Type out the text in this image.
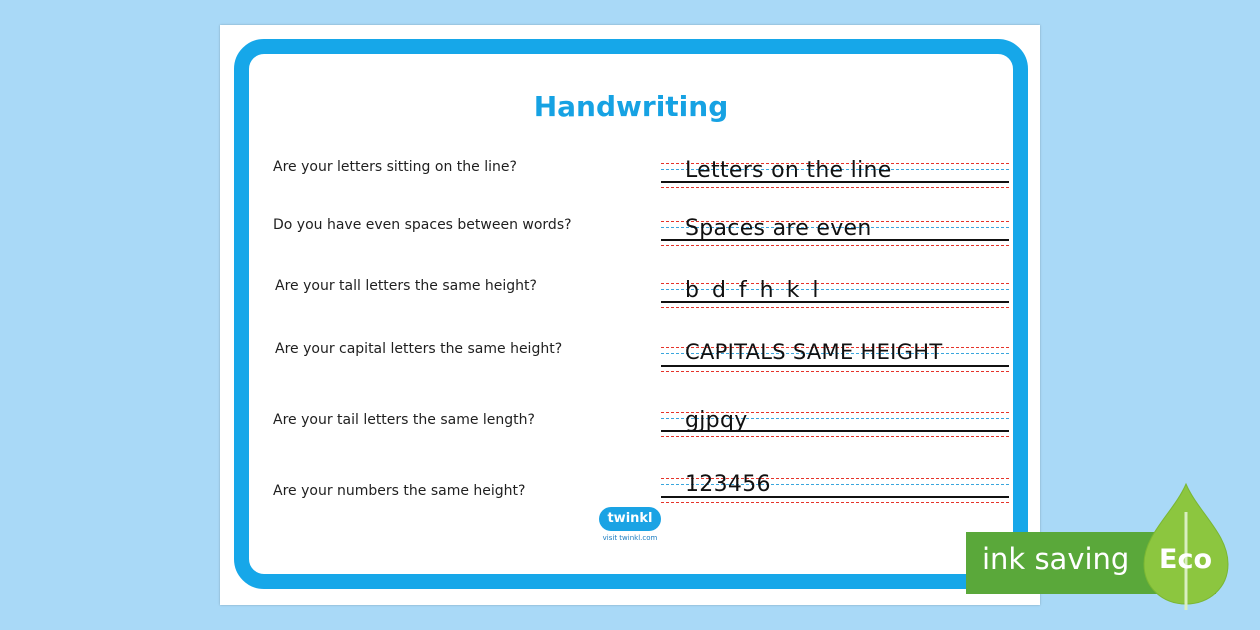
Handwriting
Are your letters sitting on the line?	Letters on the line
Do you have even spaces between words?	Spaces are even
Are your tall letters the same height?	b d f h k l
Are your capital letters the same height?	CAPITALS SAME HEIGHT
Are your tail letters the same length?	gjpqy
Are your numbers the same height?	123456
twinkl
visit twinkl.com
ink saving Eco
